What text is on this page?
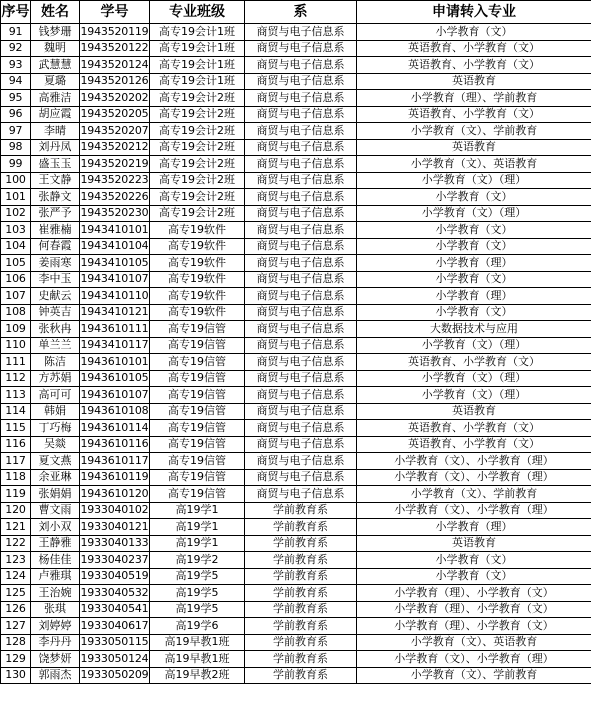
序号	姓名	学号	专业班级	系	申请转入专业
91	钱梦珊	1943520119	高专19会计1班	商贸与电子信息系	小学教育（文）
92	魏明	1943520122	高专19会计1班	商贸与电子信息系	英语教育、小学教育（文）
93	武慧慧	1943520124	高专19会计1班	商贸与电子信息系	英语教育、小学教育（文）
94	夏璐	1943520126	高专19会计1班	商贸与电子信息系	英语教育
95	高雅洁	1943520202	高专19会计2班	商贸与电子信息系	小学教育（理）、学前教育
96	胡应霞	1943520205	高专19会计2班	商贸与电子信息系	英语教育、小学教育（文）
97	李晴	1943520207	高专19会计2班	商贸与电子信息系	小学教育（文）、学前教育
98	刘丹凤	1943520212	高专19会计2班	商贸与电子信息系	英语教育
99	盛玉玉	1943520219	高专19会计2班	商贸与电子信息系	小学教育（文）、英语教育
100	王文静	1943520223	高专19会计2班	商贸与电子信息系	小学教育（文）（理）
101	张静文	1943520226	高专19会计2班	商贸与电子信息系	小学教育（文）
102	张严予	1943520230	高专19会计2班	商贸与电子信息系	小学教育（文）（理）
103	崔雅楠	1943410101	高专19软件	商贸与电子信息系	小学教育（文）
104	何春霞	1943410104	高专19软件	商贸与电子信息系	小学教育（文）
105	姜雨寒	1943410105	高专19软件	商贸与电子信息系	小学教育（理）
106	李中玉	1943410107	高专19软件	商贸与电子信息系	小学教育（文）
107	史献云	1943410110	高专19软件	商贸与电子信息系	小学教育（理）
108	钟英吉	1943410121	高专19软件	商贸与电子信息系	小学教育（文）
109	张秋冉	1943610111	高专19信管	商贸与电子信息系	大数据技术与应用
110	单兰兰	1943410117	高专19信管	商贸与电子信息系	小学教育（文）（理）
111	陈洁	1943610101	高专19信管	商贸与电子信息系	英语教育、小学教育（文）
112	方苏娟	1943610105	高专19信管	商贸与电子信息系	小学教育（文）（理）
113	高可可	1943610107	高专19信管	商贸与电子信息系	小学教育（文）（理）
114	韩娟	1943610108	高专19信管	商贸与电子信息系	英语教育
115	丁巧梅	1943610114	高专19信管	商贸与电子信息系	英语教育、小学教育（文）
116	吴燚	1943610116	高专19信管	商贸与电子信息系	英语教育、小学教育（文）
117	夏文燕	1943610117	高专19信管	商贸与电子信息系	小学教育（文）、小学教育（理）
118	余亚琳	1943610119	高专19信管	商贸与电子信息系	小学教育（文）、小学教育（理）
119	张娟娟	1943610120	高专19信管	商贸与电子信息系	小学教育（文）、学前教育
120	曹文雨	1933040102	高19学1	学前教育系	小学教育（文）、小学教育（理）
121	刘小双	1933040121	高19学1	学前教育系	小学教育（理）
122	王静雅	1933040133	高19学1	学前教育系	英语教育
123	杨佳佳	1933040237	高19学2	学前教育系	小学教育（文）
124	卢雅琪	1933040519	高19学5	学前教育系	小学教育（文）
125	王治婉	1933040532	高19学5	学前教育系	小学教育（理）、小学教育（文）
126	张琪	1933040541	高19学5	学前教育系	小学教育（理）、小学教育（文）
127	刘婷婷	1933040617	高19学6	学前教育系	小学教育（理）、小学教育（文）
128	李丹丹	1933050115	高19早教1班	学前教育系	小学教育（文）、英语教育
129	饶梦妍	1933050124	高19早教1班	学前教育系	小学教育（文）、小学教育（理）
130	郭雨杰	1933050209	高19早教2班	学前教育系	小学教育（文）、学前教育
